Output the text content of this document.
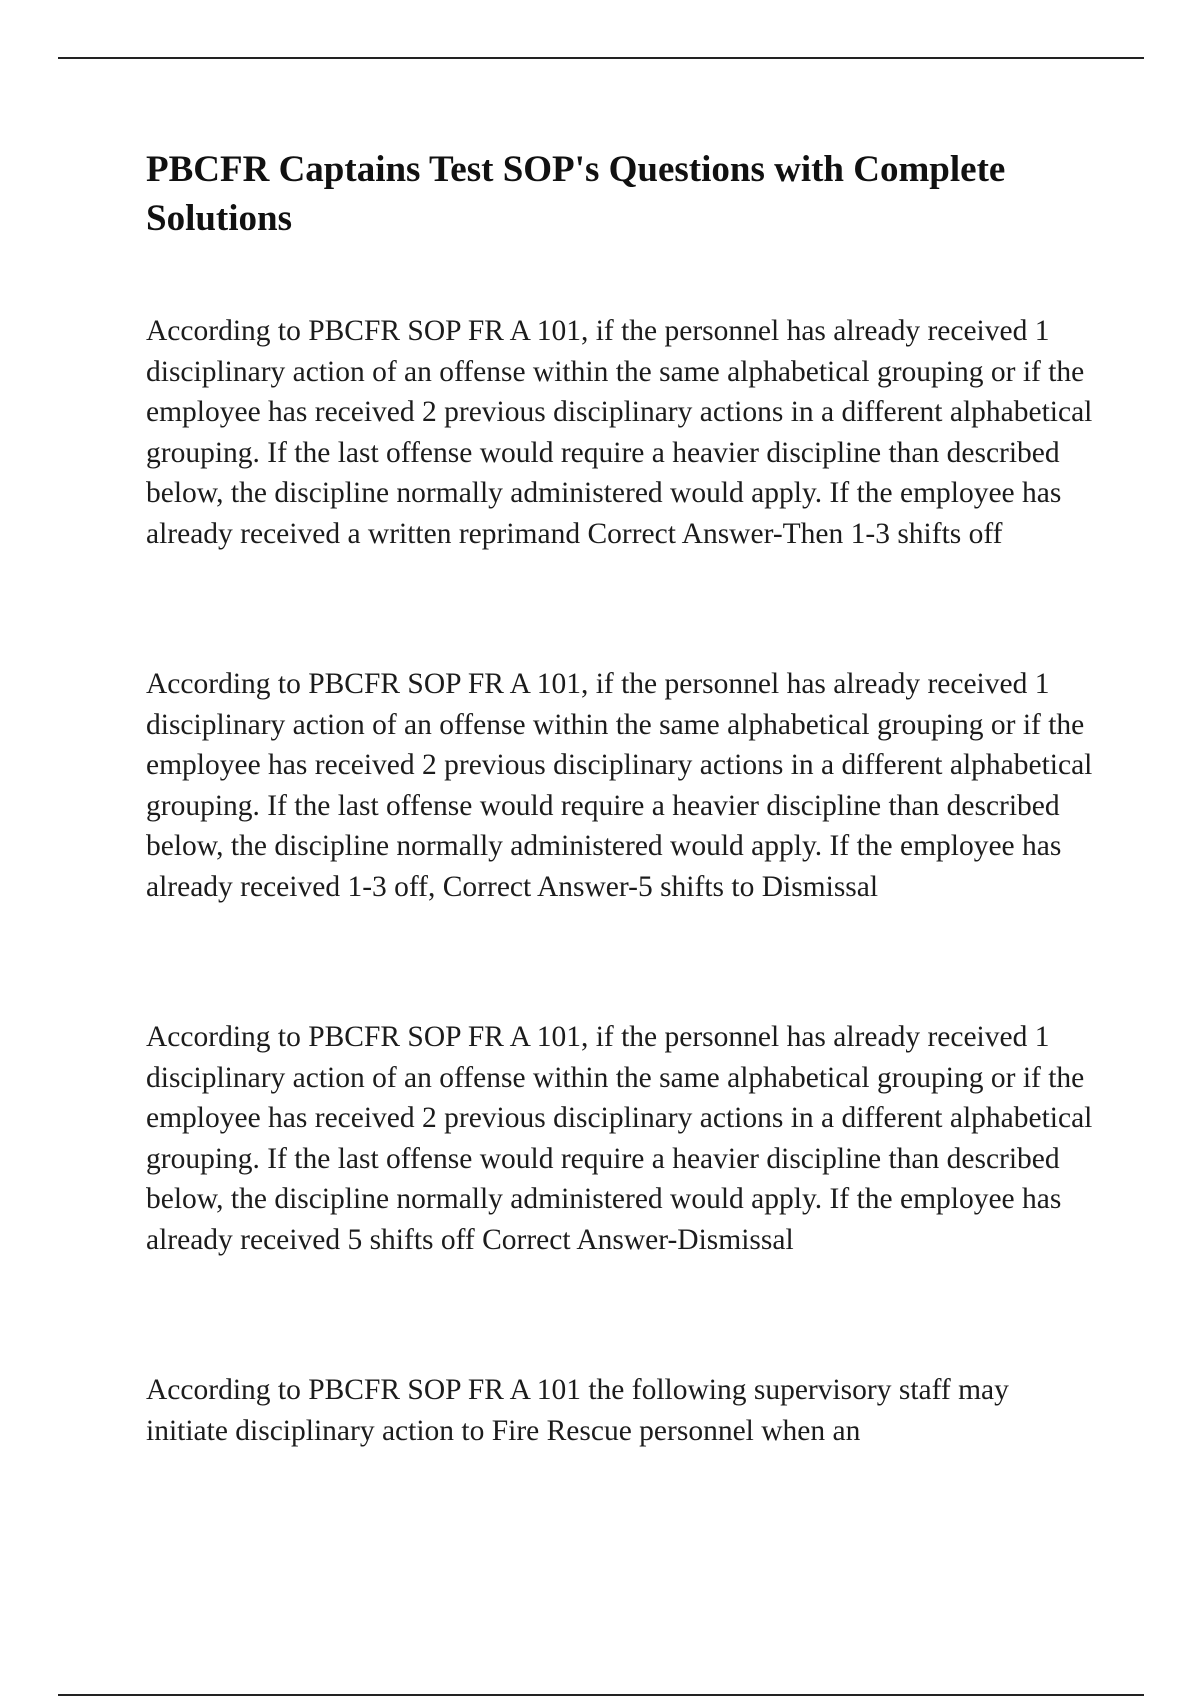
PBCFR Captains Test SOP's Questions with Complete Solutions

According to PBCFR SOP FR A 101, if the personnel has already received 1 disciplinary action of an offense within the same alphabetical grouping or if the employee has received 2 previous disciplinary actions in a different alphabetical grouping. If the last offense would require a heavier discipline than described below, the discipline normally administered would apply. If the employee has already received a written reprimand Correct Answer-Then 1-3 shifts off

According to PBCFR SOP FR A 101, if the personnel has already received 1 disciplinary action of an offense within the same alphabetical grouping or if the employee has received 2 previous disciplinary actions in a different alphabetical grouping. If the last offense would require a heavier discipline than described below, the discipline normally administered would apply. If the employee has already received 1-3 off, Correct Answer-5 shifts to Dismissal

According to PBCFR SOP FR A 101, if the personnel has already received 1 disciplinary action of an offense within the same alphabetical grouping or if the employee has received 2 previous disciplinary actions in a different alphabetical grouping. If the last offense would require a heavier discipline than described below, the discipline normally administered would apply. If the employee has already received 5 shifts off Correct Answer-Dismissal

According to PBCFR SOP FR A 101 the following supervisory staff may initiate disciplinary action to Fire Rescue personnel when an
